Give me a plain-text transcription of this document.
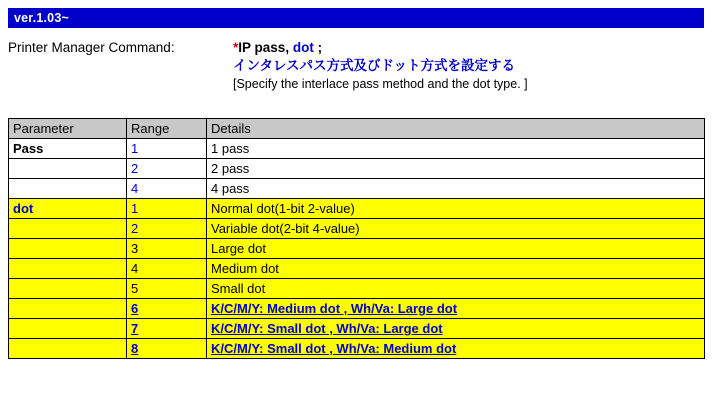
ver.1.03~
Printer Manager Command:	*IP pass, dot ;
インタレスパス方式及びドット方式を設定する
[Specify the interlace pass method and the dot type. ]
Parameter	Range	Details
Pass	1	1 pass
	2	2 pass
	4	4 pass
dot	1	Normal dot(1-bit 2-value)
	2	Variable dot(2-bit 4-value)
	3	Large dot
	4	Medium dot
	5	Small dot
	6	K/C/M/Y: Medium dot , Wh/Va: Large dot
	7	K/C/M/Y: Small dot , Wh/Va: Large dot
	8	K/C/M/Y: Small dot , Wh/Va: Medium dot
